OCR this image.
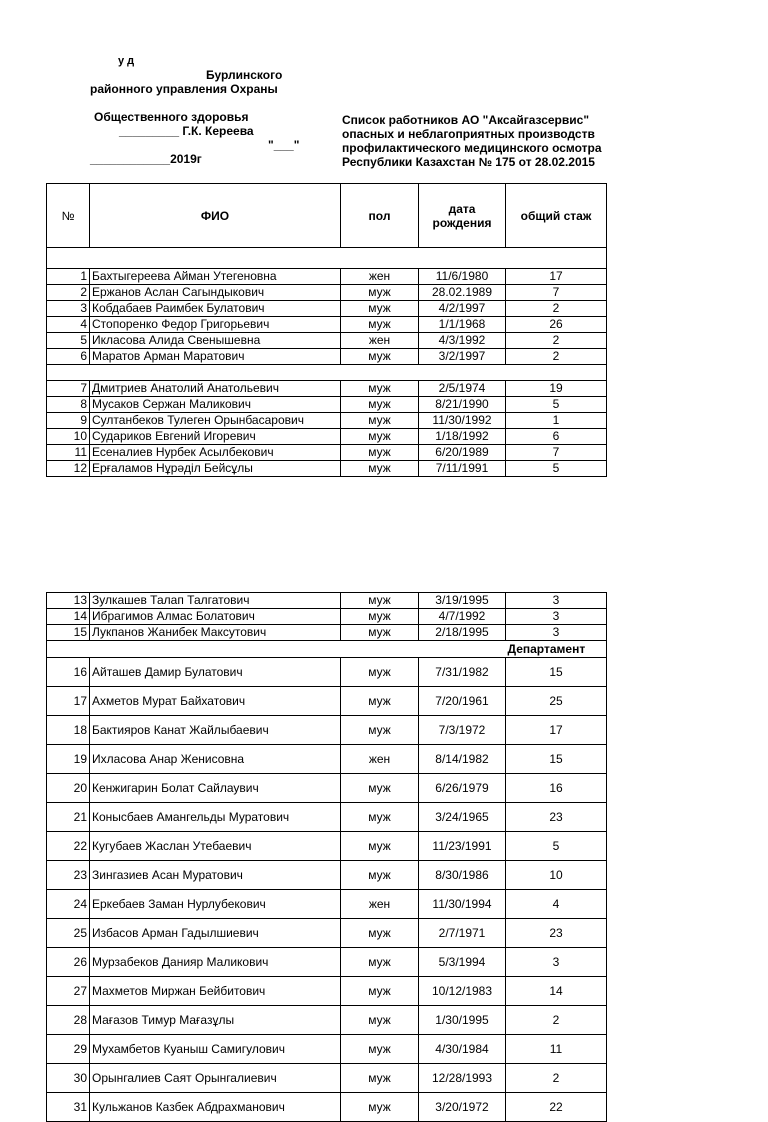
у д
Бурлинского
районного управления Охраны
Общественного здоровья
_________ Г.К. Кереева
"___"
____________2019г
Список работников АО "Аксайгазсервис"
опасных и неблагоприятных производств
профилактического медицинского осмотра
Республики Казахстан № 175 от 28.02.2015
№	ФИО	пол	дата рождения	общий стаж

1	Бахтыгереева Айман Утегеновна	жен	11/6/1980	17
2	Ержанов Аслан Сагындыкович	муж	28.02.1989	7
3	Кобдабаев Раимбек Булатович	муж	4/2/1997	2
4	Стопоренко Федор Григорьевич	муж	1/1/1968	26
5	Икласова Алида Свенышевна	жен	4/3/1992	2
6	Маратов Арман Маратович	муж	3/2/1997	2

7	Дмитриев Анатолий Анатольевич	муж	2/5/1974	19
8	Мусаков Сержан Маликович	муж	8/21/1990	5
9	Султанбеков Тулеген Орынбасарович	муж	11/30/1992	1
10	Судариков Евгений Игоревич	муж	1/18/1992	6
11	Есеналиев Нурбек Асылбекович	муж	6/20/1989	7
12	Ерғаламов Нұрәділ Бейсұлы	муж	7/11/1991	5
13	Зулкашев Талап Талгатович	муж	3/19/1995	3
14	Ибрагимов Алмас Болатович	муж	4/7/1992	3
15	Лукпанов Жанибек Максутович	муж	2/18/1995	3
				Департамент
16	Айташев Дамир Булатович	муж	7/31/1982	15
17	Ахметов Мурат Байхатович	муж	7/20/1961	25
18	Бактияров Канат Жайлыбаевич	муж	7/3/1972	17
19	Ихласова Анар Женисовна	жен	8/14/1982	15
20	Кенжигарин Болат Сайлаувич	муж	6/26/1979	16
21	Конысбаев Амангельды Муратович	муж	3/24/1965	23
22	Кугубаев Жаслан Утебаевич	муж	11/23/1991	5
23	Зингазиев Асан Муратович	муж	8/30/1986	10
24	Еркебаев Заман Нурлубекович	жен	11/30/1994	4
25	Избасов Арман Гадылшиевич	муж	2/7/1971	23
26	Мурзабеков Данияр Маликович	муж	5/3/1994	3
27	Махметов Миржан Бейбитович	муж	10/12/1983	14
28	Мағазов Тимур Мағазұлы	муж	1/30/1995	2
29	Мухамбетов Куаныш Самигулович	муж	4/30/1984	11
30	Орынгалиев Саят Орынгалиевич	муж	12/28/1993	2
31	Кульжанов Казбек Абдрахманович	муж	3/20/1972	22
